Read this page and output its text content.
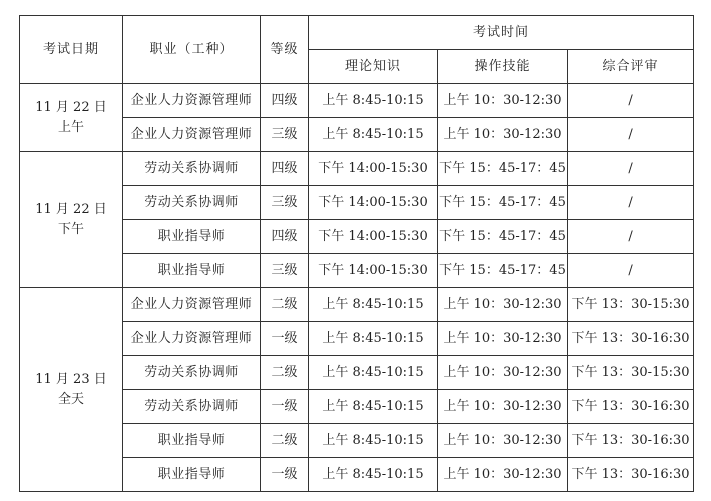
考试日期	职业（工种）	等级	考试时间		
			理论知识	操作技能	综合评审

11 月 22 日
上午	企业人力资源管理师	四级	上午 8:45-10:15	上午 10：30-12:30	/
	企业人力资源管理师	三级	上午 8:45-10:15	上午 10：30-12:30	/

11 月 22 日
下午	劳动关系协调师	四级	下午 14:00-15:30	下午 15：45-17：45	/
	劳动关系协调师	三级	下午 14:00-15:30	下午 15：45-17：45	/
	职业指导师	四级	下午 14:00-15:30	下午 15：45-17：45	/
	职业指导师	三级	下午 14:00-15:30	下午 15：45-17：45	/

11 月 23 日
全天	企业人力资源管理师	二级	上午 8:45-10:15	上午 10：30-12:30	下午 13：30-15:30
	企业人力资源管理师	一级	上午 8:45-10:15	上午 10：30-12:30	下午 13：30-16:30
	劳动关系协调师	二级	上午 8:45-10:15	上午 10：30-12:30	下午 13：30-15:30
	劳动关系协调师	一级	上午 8:45-10:15	上午 10：30-12:30	下午 13：30-16:30
	职业指导师	二级	上午 8:45-10:15	上午 10：30-12:30	下午 13：30-16:30
	职业指导师	一级	上午 8:45-10:15	上午 10：30-12:30	下午 13：30-16:30
